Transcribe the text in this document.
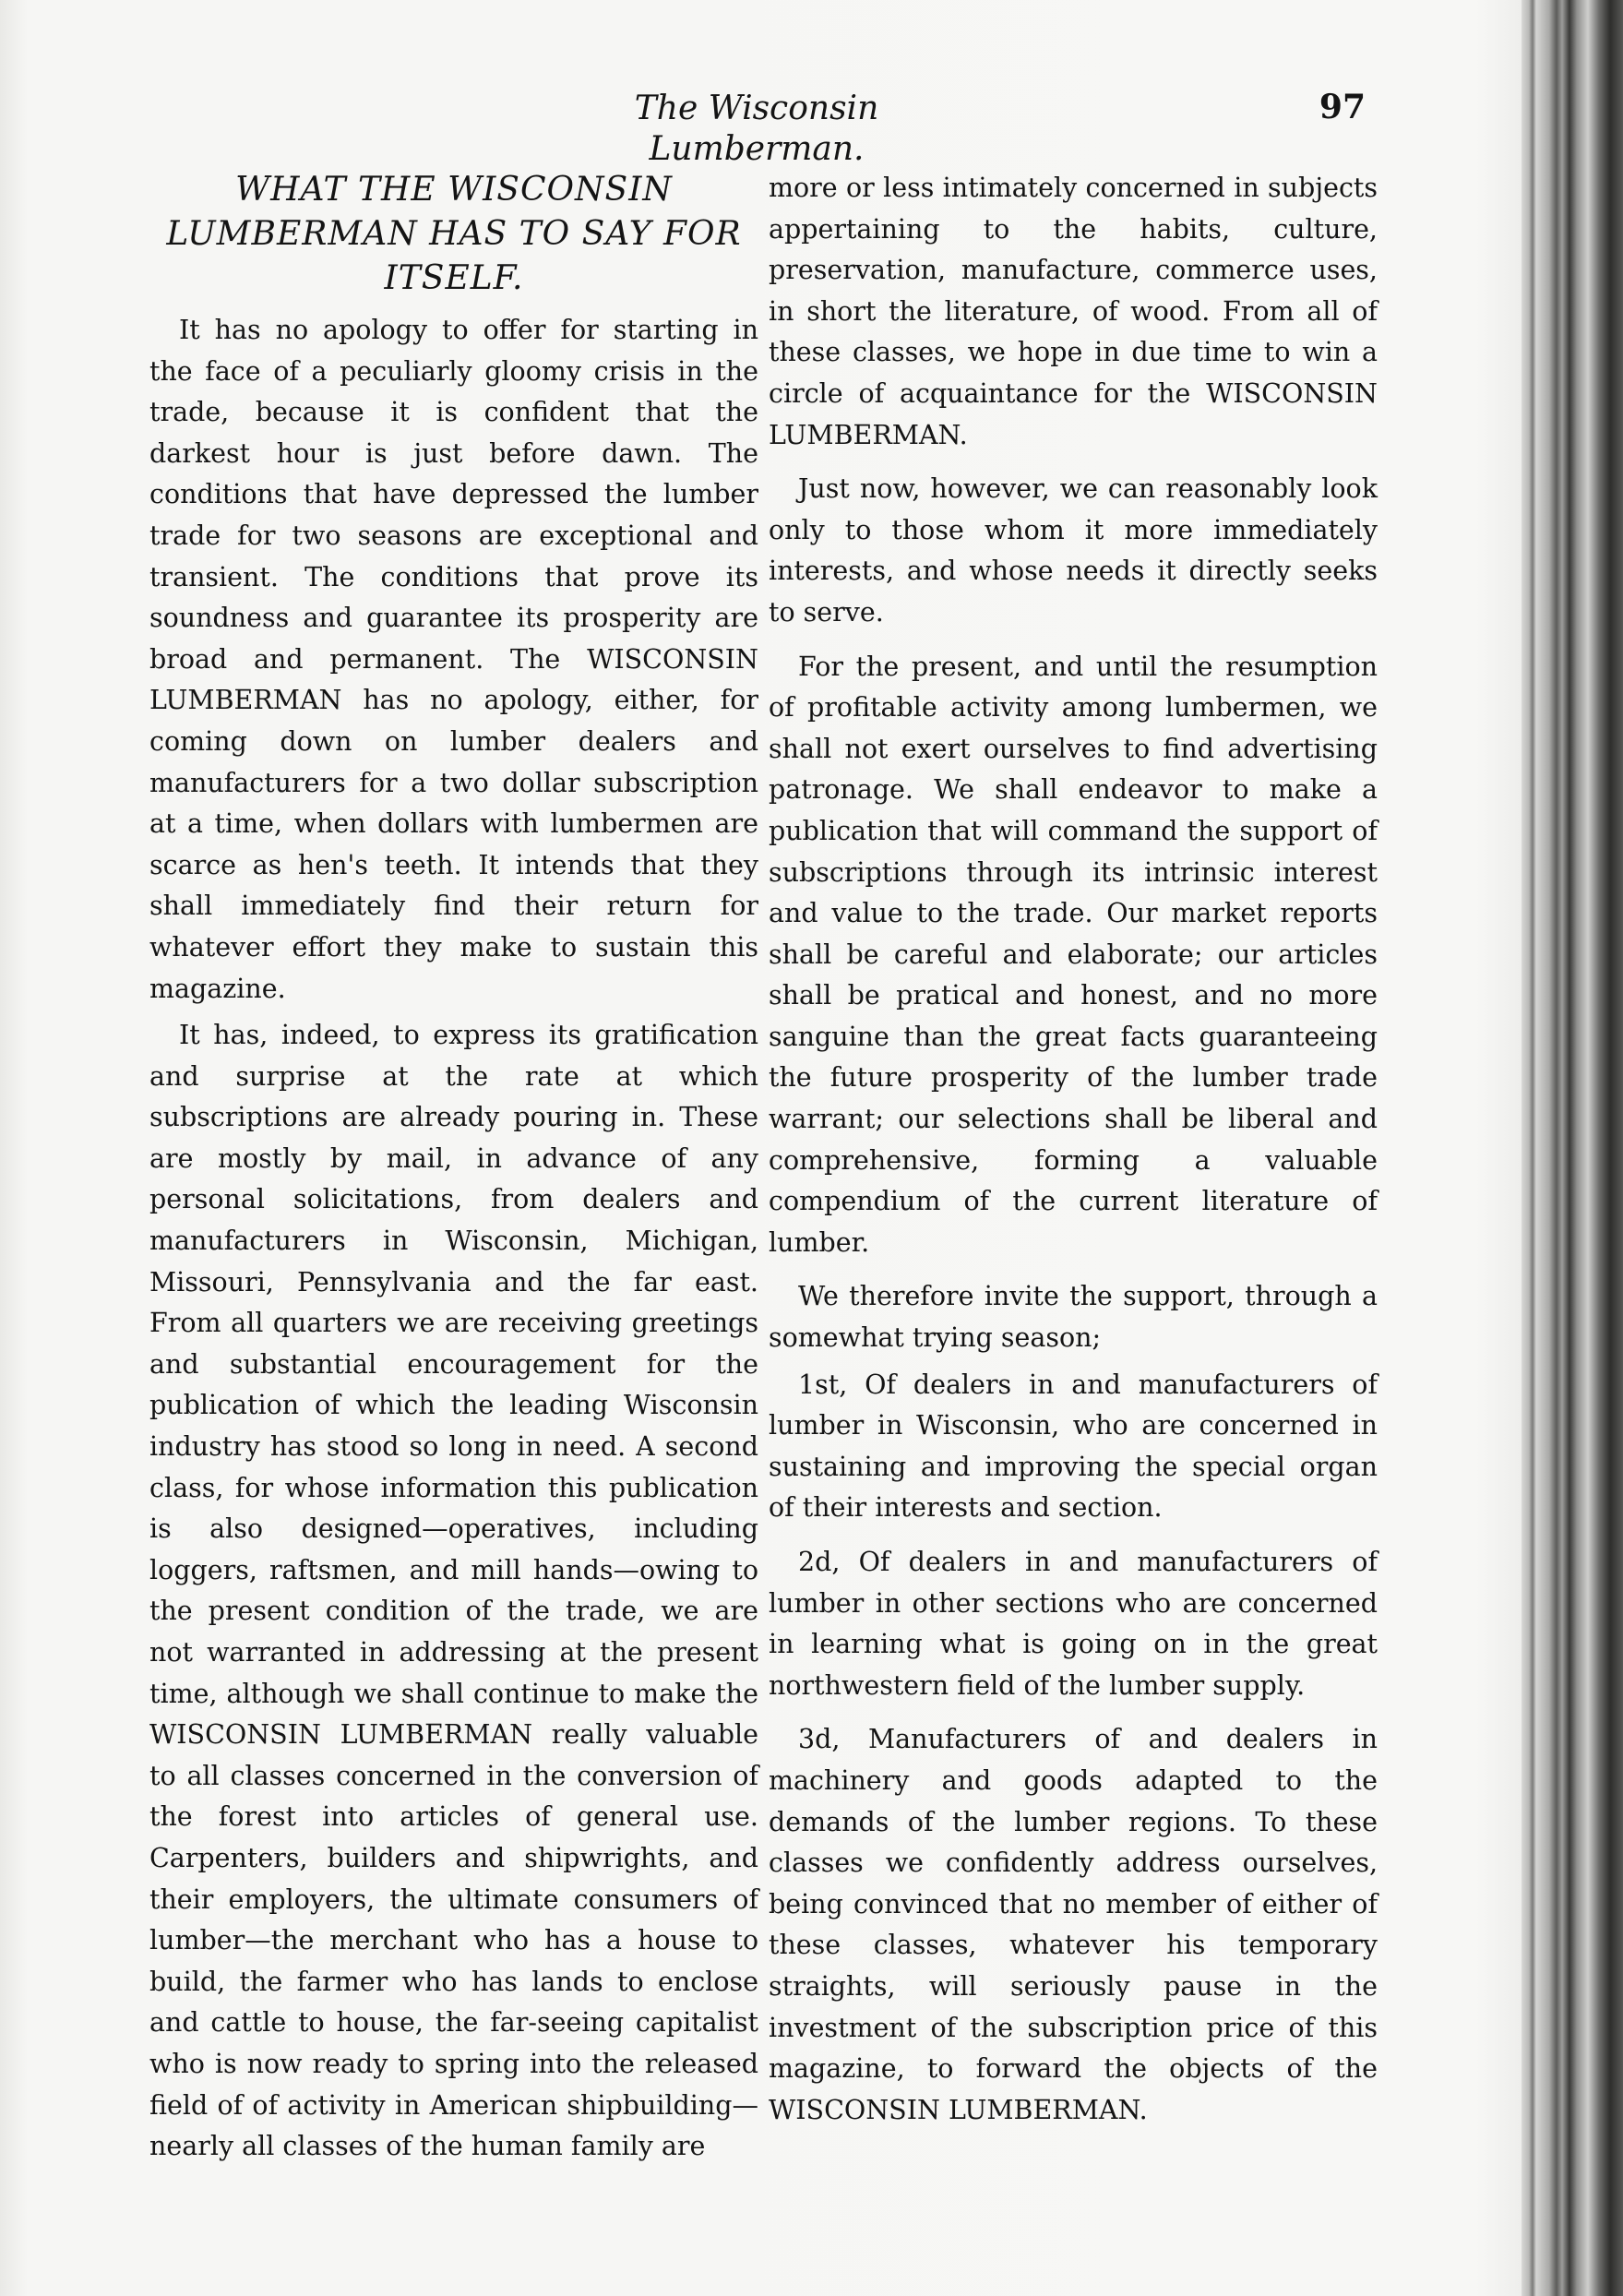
The Wisconsin Lumberman.
97
WHAT THE WISCONSIN LUMBERMAN HAS TO SAY FOR ITSELF.

It has no apology to offer for starting in the face of a peculiarly gloomy crisis in the trade, because it is confident that the darkest hour is just before dawn. The conditions that have depressed the lumber trade for two seasons are exceptional and transient. The conditions that prove its soundness and guarantee its prosperity are broad and permanent. The WISCONSIN LUMBERMAN has no apology, either, for coming down on lumber dealers and manufacturers for a two dollar subscription at a time, when dollars with lumbermen are scarce as hen's teeth. It intends that they shall immediately find their return for whatever effort they make to sustain this magazine.

It has, indeed, to express its gratification and surprise at the rate at which subscriptions are already pouring in. These are mostly by mail, in advance of any personal solicitations, from dealers and manufacturers in Wisconsin, Michigan, Missouri, Pennsylvania and the far east. From all quarters we are receiving greetings and substantial encouragement for the publication of which the leading Wisconsin industry has stood so long in need. A second class, for whose information this publication is also designed—operatives, including loggers, raftsmen, and mill hands—owing to the present condition of the trade, we are not warranted in addressing at the present time, although we shall continue to make the WISCONSIN LUMBERMAN really valuable to all classes concerned in the conversion of the forest into articles of general use. Carpenters, builders and shipwrights, and their employers, the ultimate consumers of lumber—the merchant who has a house to build, the farmer who has lands to enclose and cattle to house, the far-seeing capitalist who is now ready to spring into the released field of of activity in American shipbuilding—nearly all classes of the human family are

more or less intimately concerned in subjects appertaining to the habits, culture, preservation, manufacture, commerce uses, in short the literature, of wood. From all of these classes, we hope in due time to win a circle of acquaintance for the WISCONSIN LUMBERMAN.

Just now, however, we can reasonably look only to those whom it more immediately interests, and whose needs it directly seeks to serve.

For the present, and until the resumption of profitable activity among lumbermen, we shall not exert ourselves to find advertising patronage. We shall endeavor to make a publication that will command the support of subscriptions through its intrinsic interest and value to the trade. Our market reports shall be careful and elaborate; our articles shall be pratical and honest, and no more sanguine than the great facts guaranteeing the future prosperity of the lumber trade warrant; our selections shall be liberal and comprehensive, forming a valuable compendium of the current literature of lumber.

We therefore invite the support, through a somewhat trying season;

1st, Of dealers in and manufacturers of lumber in Wisconsin, who are concerned in sustaining and improving the special organ of their interests and section.

2d, Of dealers in and manufacturers of lumber in other sections who are concerned in learning what is going on in the great northwestern field of the lumber supply.

3d, Manufacturers of and dealers in machinery and goods adapted to the demands of the lumber regions. To these classes we confidently address ourselves, being convinced that no member of either of these classes, whatever his temporary straights, will seriously pause in the investment of the subscription price of this magazine, to forward the objects of the WISCONSIN LUMBERMAN.
